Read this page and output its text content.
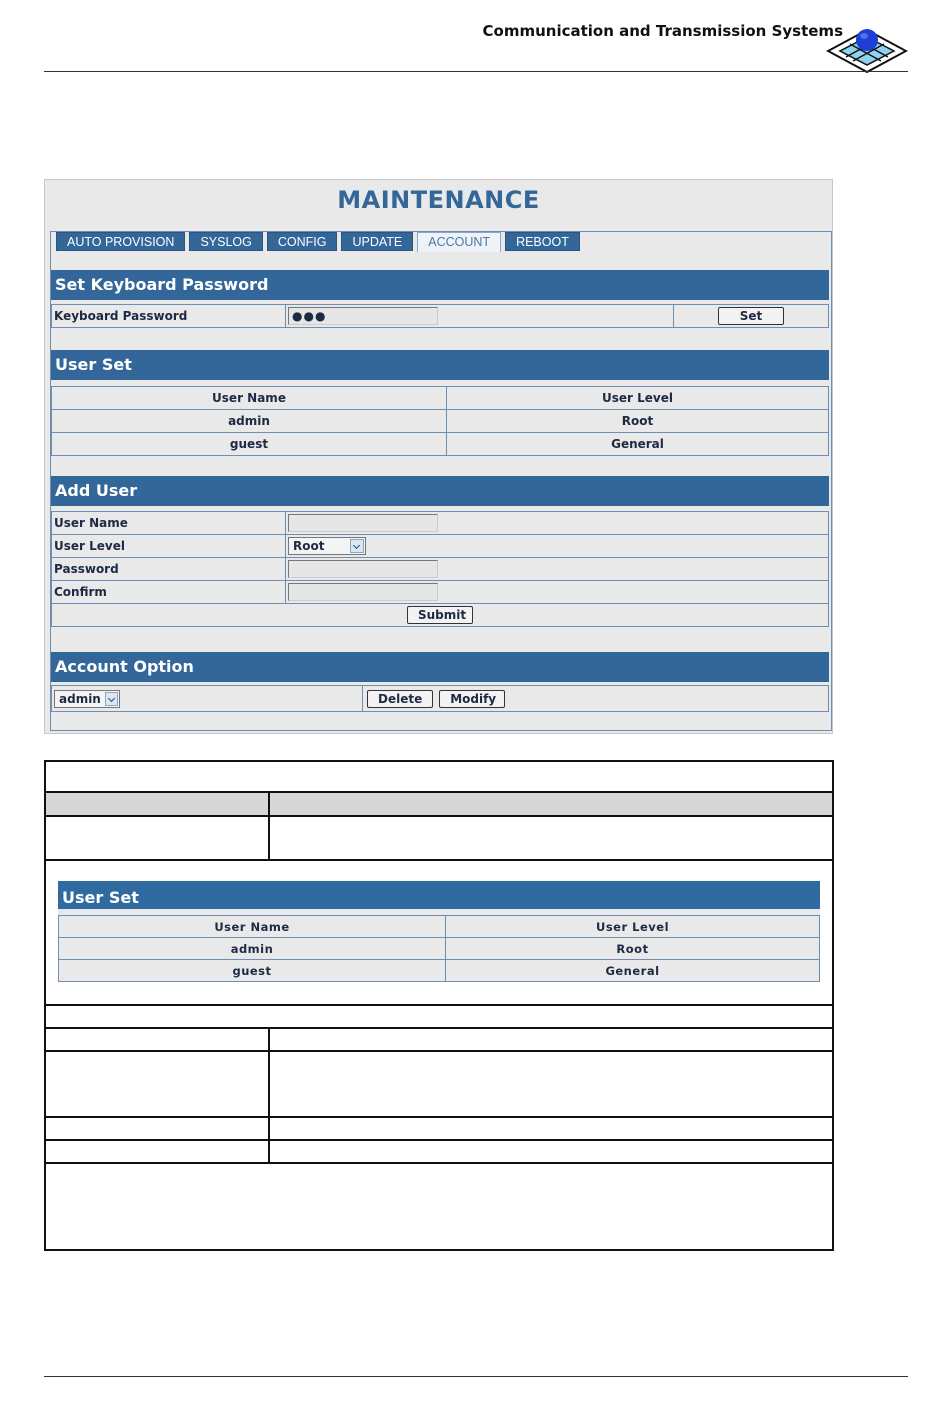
Communication and Transmission Systems
MAINTENANCE
AUTO PROVISION	SYSLOG	CONFIG	UPDATE	ACCOUNT	REBOOT
Set Keyboard Password
Keyboard Password	●●●	Set
User Set
User Name	User Level
admin	Root
guest	General
Add User
User Name	
User Level	Root

Password	
Confirm	
Submit	
Account Option
admin	Delete Modify
User Set
User Name	User Level
admin	Root
guest	General
